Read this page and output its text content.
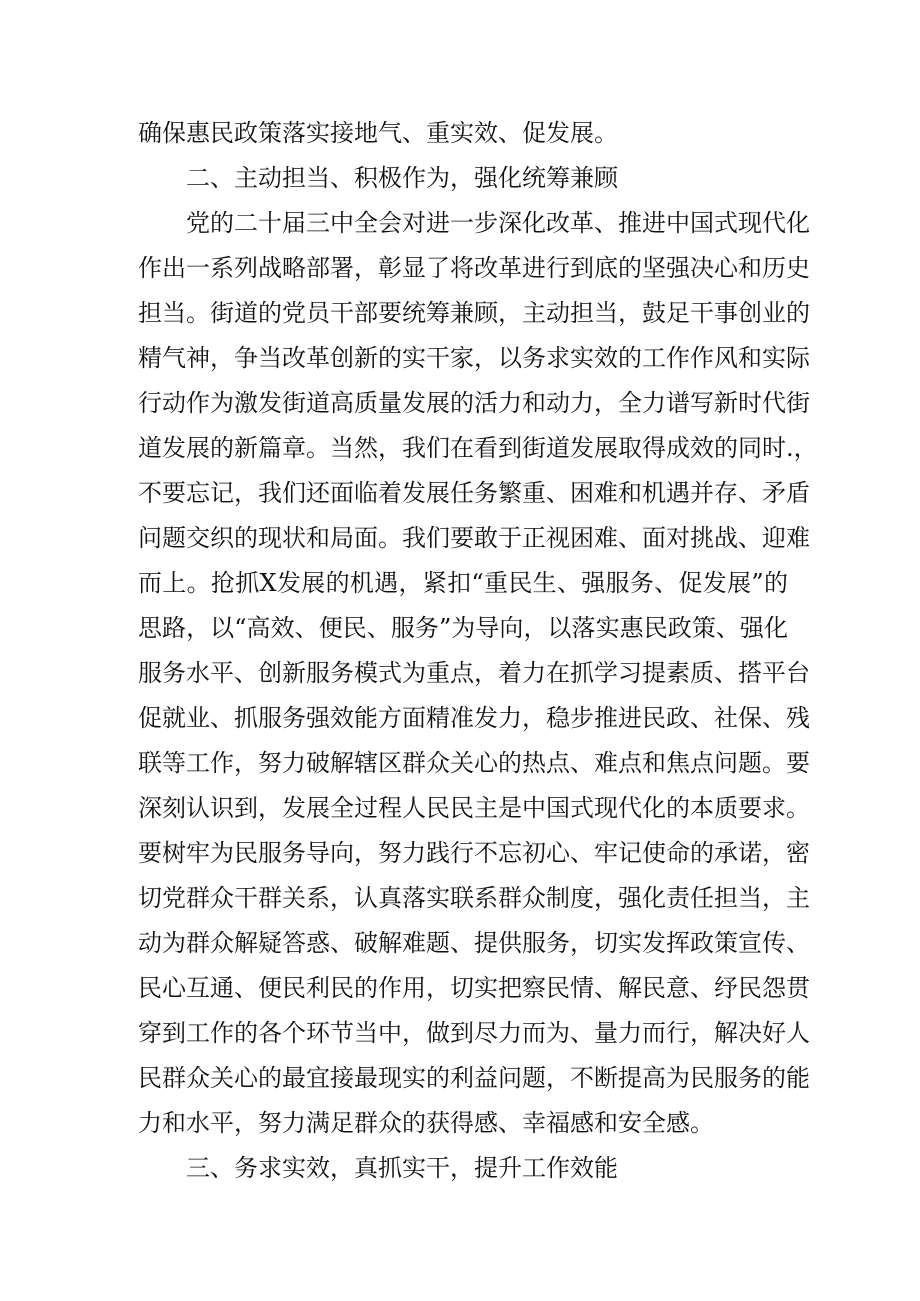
确保惠民政策落实接地气、重实效、促发展。
二、主动担当、积极作为，强化统筹兼顾
党的二十届三中全会对进一步深化改革、推进中国式现代化
作出一系列战略部署，彰显了将改革进行到底的坚强决心和历史
担当。街道的党员干部要统筹兼顾，主动担当，鼓足干事创业的
精气神，争当改革创新的实干家，以务求实效的工作作风和实际
行动作为激发街道高质量发展的活力和动力，全力谱写新时代街
道发展的新篇章。当然，我们在看到街道发展取得成效的同时.，
不要忘记，我们还面临着发展任务繁重、困难和机遇并存、矛盾
问题交织的现状和局面。我们要敢于正视困难、面对挑战、迎难
而上。抢抓X发展的机遇，紧扣“重民生、强服务、促发展”的
思路，以“高效、便民、服务”为导向，以落实惠民政策、强化
服务水平、创新服务模式为重点，着力在抓学习提素质、搭平台
促就业、抓服务强效能方面精准发力，稳步推进民政、社保、残
联等工作，努力破解辖区群众关心的热点、难点和焦点问题。要
深刻认识到，发展全过程人民民主是中国式现代化的本质要求。
要树牢为民服务导向，努力践行不忘初心、牢记使命的承诺，密
切党群众干群关系，认真落实联系群众制度，强化责任担当，主
动为群众解疑答惑、破解难题、提供服务，切实发挥政策宣传、
民心互通、便民利民的作用，切实把察民情、解民意、纾民怨贯
穿到工作的各个环节当中，做到尽力而为、量力而行，解决好人
民群众关心的最宜接最现实的利益问题，不断提高为民服务的能
力和水平，努力满足群众的获得感、幸福感和安全感。
三、务求实效，真抓实干，提升工作效能
